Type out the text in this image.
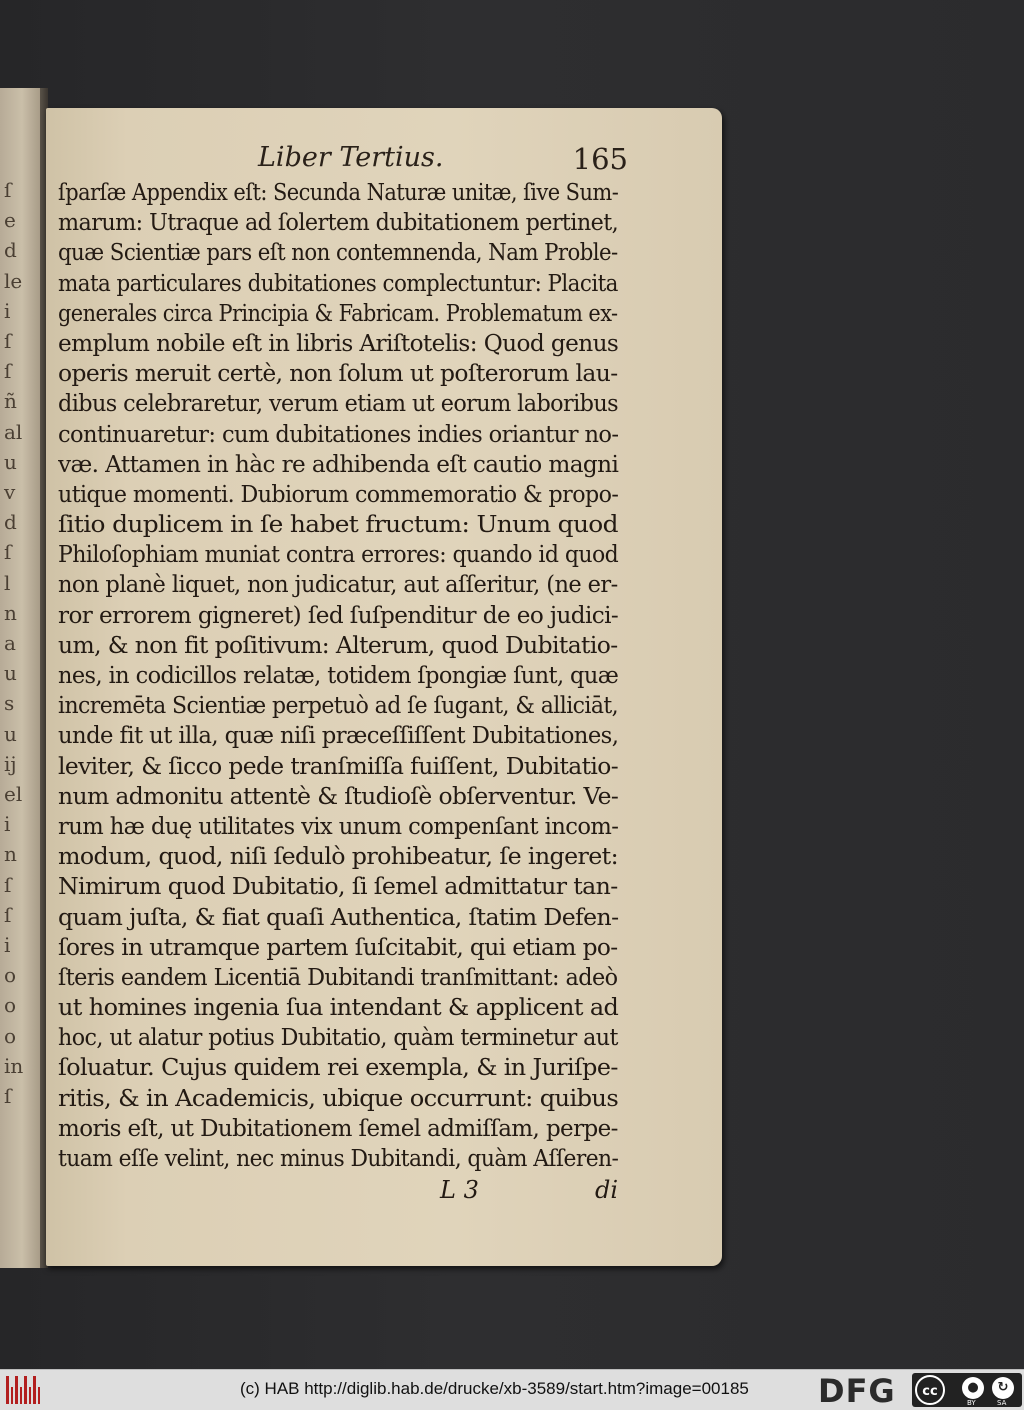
ſ
e
d
le
i
ſ
ſ
ñ
al
u
v
d
ſ
l
n
a
u
s
u
ij
el
i
n
ſ
ſ
i
o
o
o
in
ſ
Liber Tertius.	165
ſparſæ Appendix eſt: Secunda Naturæ unitæ, ſive Sum-
marum: Utraque ad ſolertem dubitationem pertinet,
quæ Scientiæ pars eſt non contemnenda, Nam Proble-
mata particulares dubitationes complectuntur: Placita
generales circa Principia & Fabricam. Problematum ex-
emplum nobile eſt in libris Ariſtotelis: Quod genus
operis meruit certè, non ſolum ut poſterorum lau-
dibus celebraretur, verum etiam ut eorum laboribus
continuaretur: cum dubitationes indies oriantur no-
væ. Attamen in hàc re adhibenda eſt cautio magni
utique momenti. Dubiorum commemoratio & propo-
ſitio duplicem in ſe habet fructum: Unum quod
Philoſophiam muniat contra errores: quando id quod
non planè liquet, non judicatur, aut aſſeritur, (ne er-
ror errorem gigneret) ſed ſuſpenditur de eo judici-
um, & non fit poſitivum: Alterum, quod Dubitatio-
nes, in codicillos relatæ, totidem ſpongiæ ſunt, quæ
incremēta Scientiæ perpetuò ad ſe ſugant, & alliciāt,
unde fit ut illa, quæ niſi præceſſiſſent Dubitationes,
leviter, & ſicco pede tranſmiſſa fuiſſent, Dubitatio-
num admonitu attentè & ſtudioſè obſerventur. Ve-
rum hæ duę utilitates vix unum compenſant incom-
modum, quod, niſi ſedulò prohibeatur, ſe ingeret:
Nimirum quod Dubitatio, ſi ſemel admittatur tan-
quam juſta, & fiat quaſi Authentica, ſtatim Defen-
ſores in utramque partem ſuſcitabit, qui etiam po-
ſteris eandem Licentiā Dubitandi tranſmittant: adeò
ut homines ingenia ſua intendant & applicent ad
hoc, ut alatur potius Dubitatio, quàm terminetur aut
ſoluatur. Cujus quidem rei exempla, & in Juriſpe-
ritis, & in Academicis, ubique occurrunt: quibus
moris eſt, ut Dubitationem ſemel admiſſam, perpe-
tuam eſſe velint, nec minus Dubitandi, quàm Aſſeren-
L 3	di
(c) HAB http://diglib.hab.de/drucke/xb-3589/start.htm?image=00185 DFG	cc	●	↻
BY	SA
